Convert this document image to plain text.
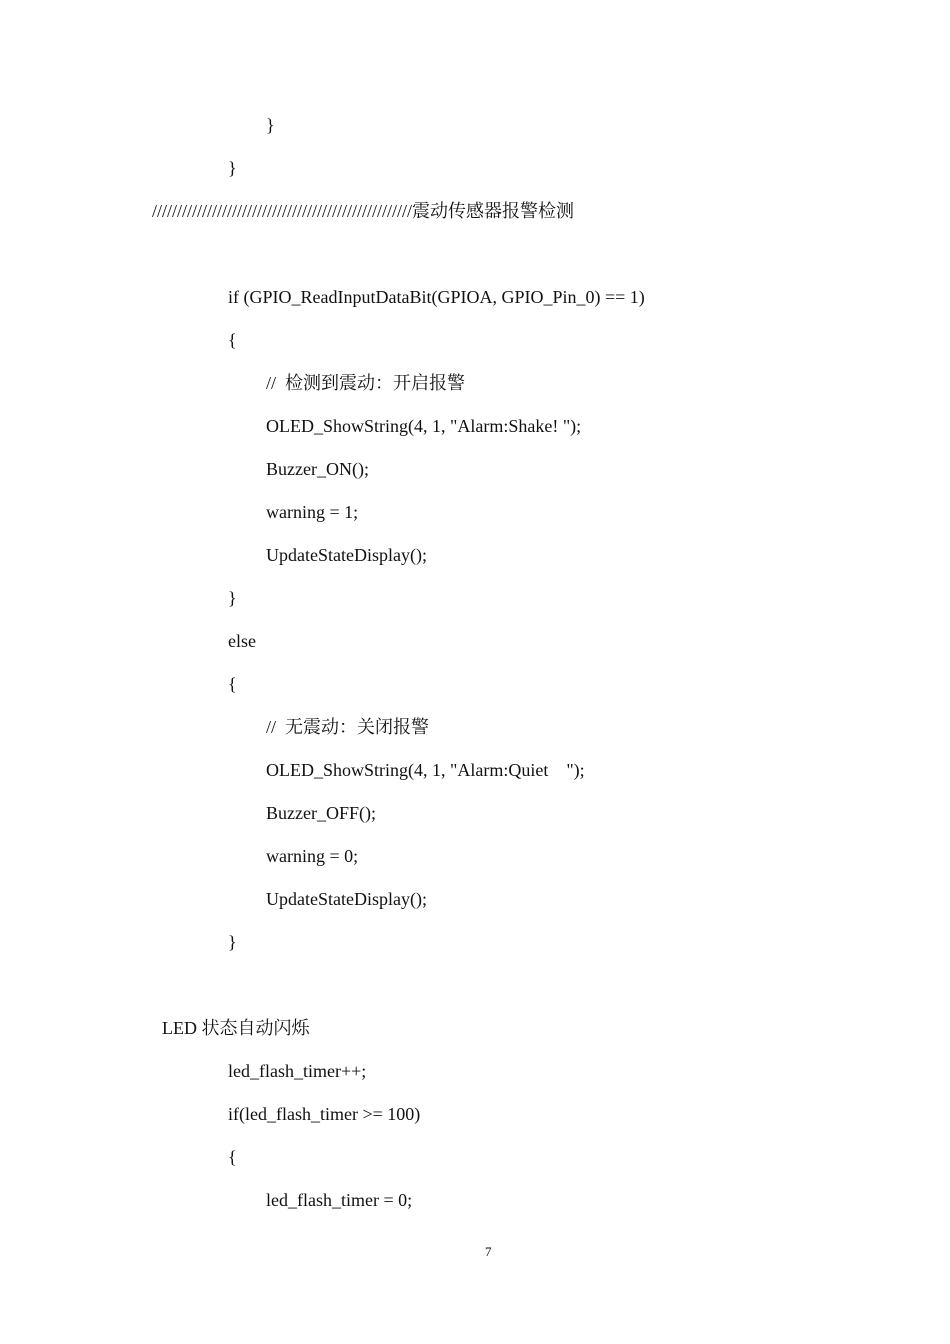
}
}
////////////////////////////////////////////////////震动传感器报警检测
if (GPIO_ReadInputDataBit(GPIOA, GPIO_Pin_0) == 1)
{
//  检测到震动：开启报警
OLED_ShowString(4, 1, "Alarm:Shake! ");
Buzzer_ON();
warning = 1;
UpdateStateDisplay();
}
else
{
//  无震动：关闭报警
OLED_ShowString(4, 1, "Alarm:Quiet    ");
Buzzer_OFF();
warning = 0;
UpdateStateDisplay();
}
LED 状态自动闪烁
led_flash_timer++;
if(led_flash_timer >= 100)
{
led_flash_timer = 0;
7
